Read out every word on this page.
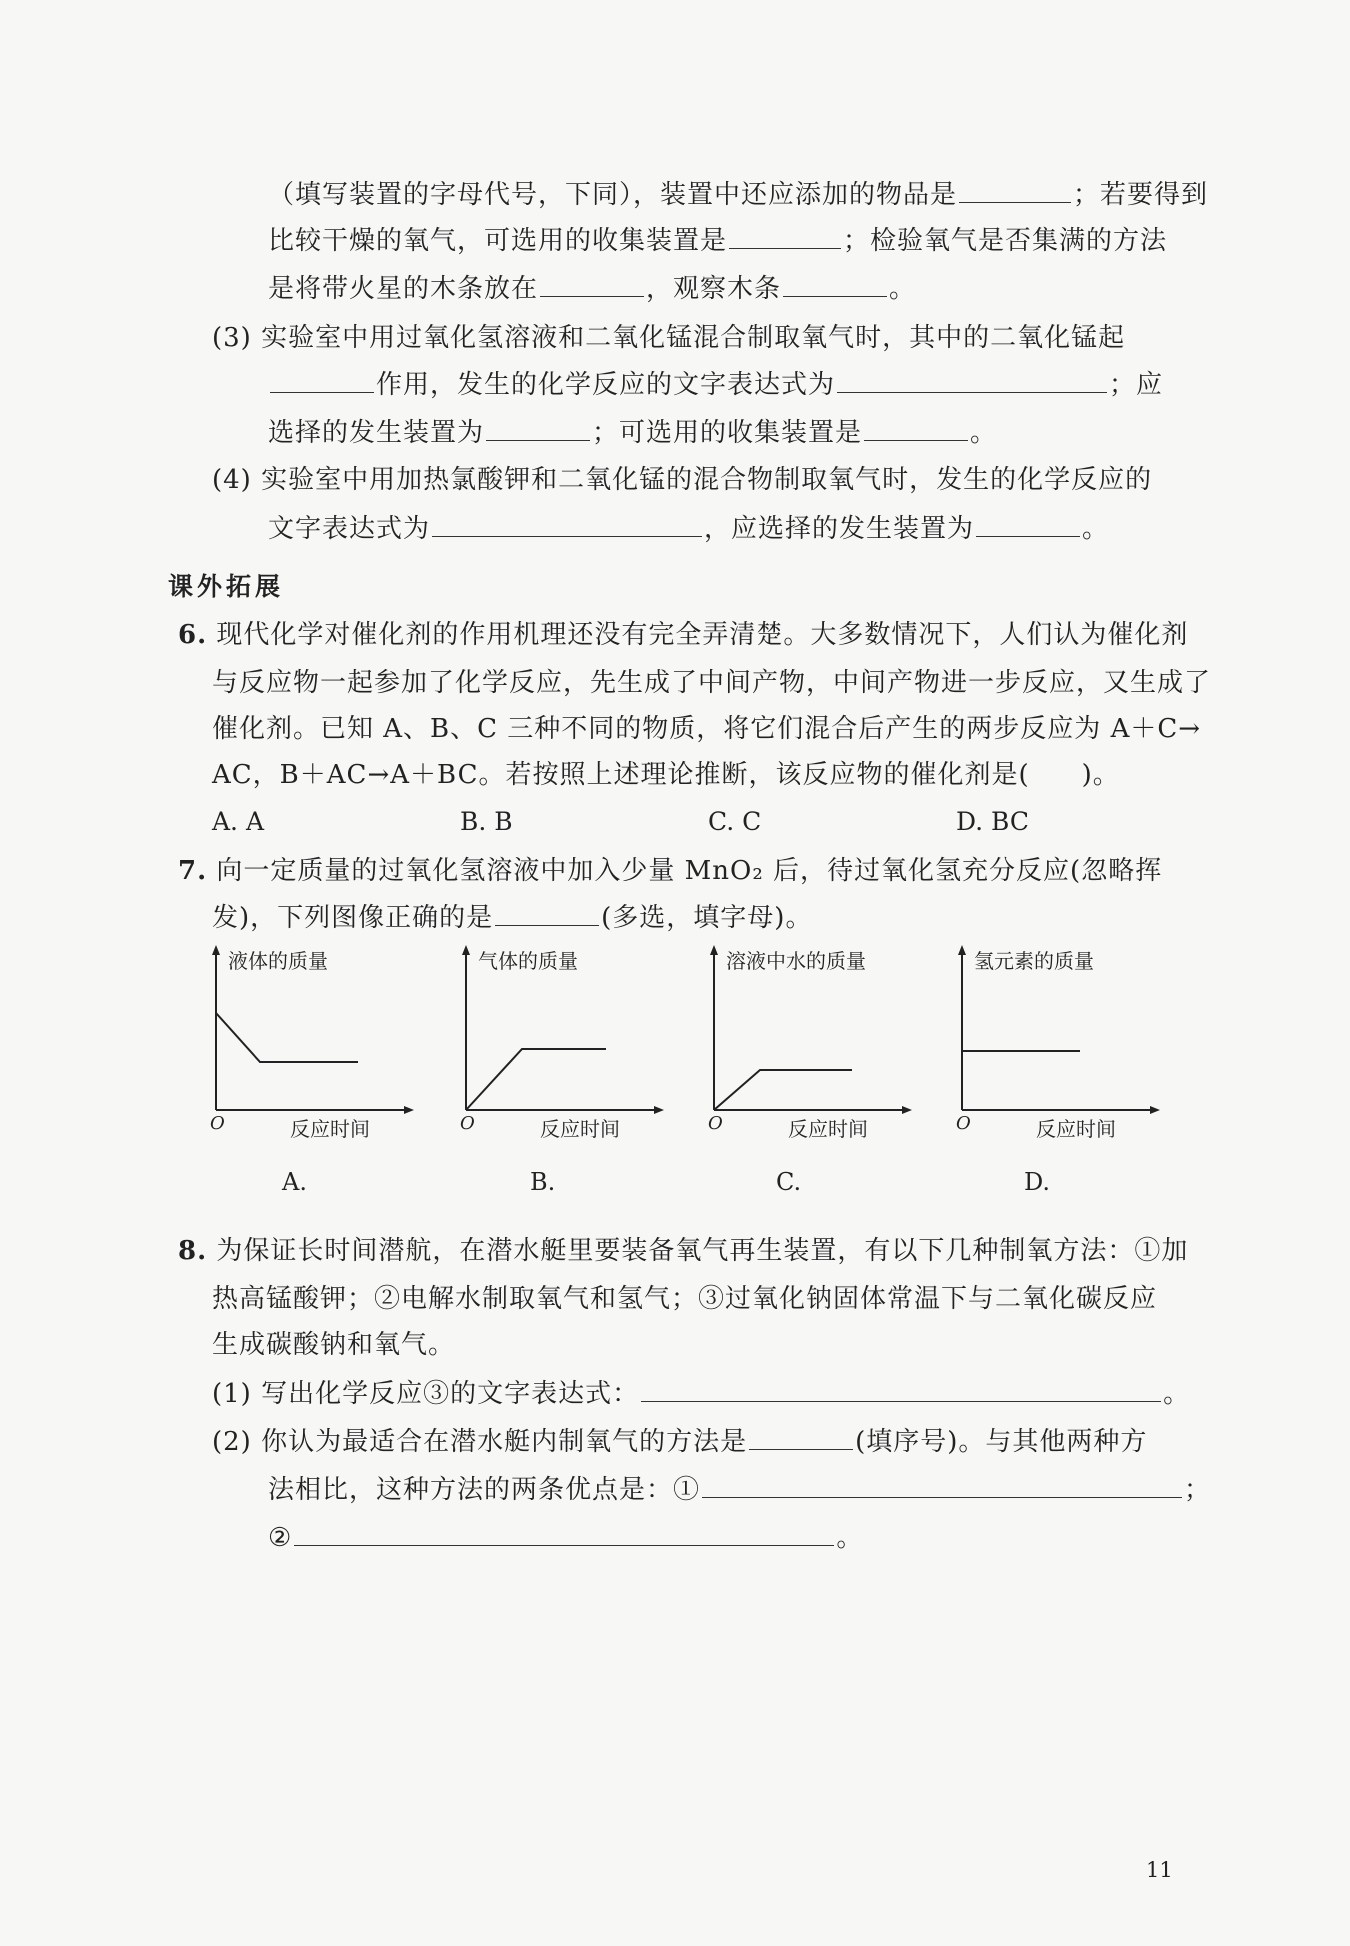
（填写装置的字母代号，下同），装置中还应添加的物品是	；若要得到
比较干燥的氧气，可选用的收集装置是	；检验氧气是否集满的方法
是将带火星的木条放在	，观察木条	。
(3) 实验室中用过氧化氢溶液和二氧化锰混合制取氧气时，其中的二氧化锰起
作用，发生的化学反应的文字表达式为	；应
选择的发生装置为	；可选用的收集装置是	。
(4) 实验室中用加热氯酸钾和二氧化锰的混合物制取氧气时，发生的化学反应的
文字表达式为	，应选择的发生装置为	。
课外拓展
6. 现代化学对催化剂的作用机理还没有完全弄清楚。大多数情况下，人们认为催化剂
与反应物一起参加了化学反应，先生成了中间产物，中间产物进一步反应，又生成了
催化剂。已知 A、B、C 三种不同的物质，将它们混合后产生的两步反应为 A＋C→
AC，B＋AC→A＋BC。若按照上述理论推断，该反应物的催化剂是( )。
A. A	B. B	C. C	D. BC
7. 向一定质量的过氧化氢溶液中加入少量 MnO₂ 后，待过氧化氢充分反应(忽略挥
发)，下列图像正确的是	(多选，填字母)。
液体的质量
O	反应时间
A.
气体的质量
O	反应时间
B.
溶液中水的质量
O	反应时间
C.
氢元素的质量
O	反应时间
D.
8. 为保证长时间潜航，在潜水艇里要装备氧气再生装置，有以下几种制氧方法：①加
热高锰酸钾；②电解水制取氧气和氢气；③过氧化钠固体常温下与二氧化碳反应
生成碳酸钠和氧气。
(1) 写出化学反应③的文字表达式：	。
(2) 你认为最适合在潜水艇内制氧气的方法是	(填序号)。与其他两种方
法相比，这种方法的两条优点是：①	；
②	。
11
